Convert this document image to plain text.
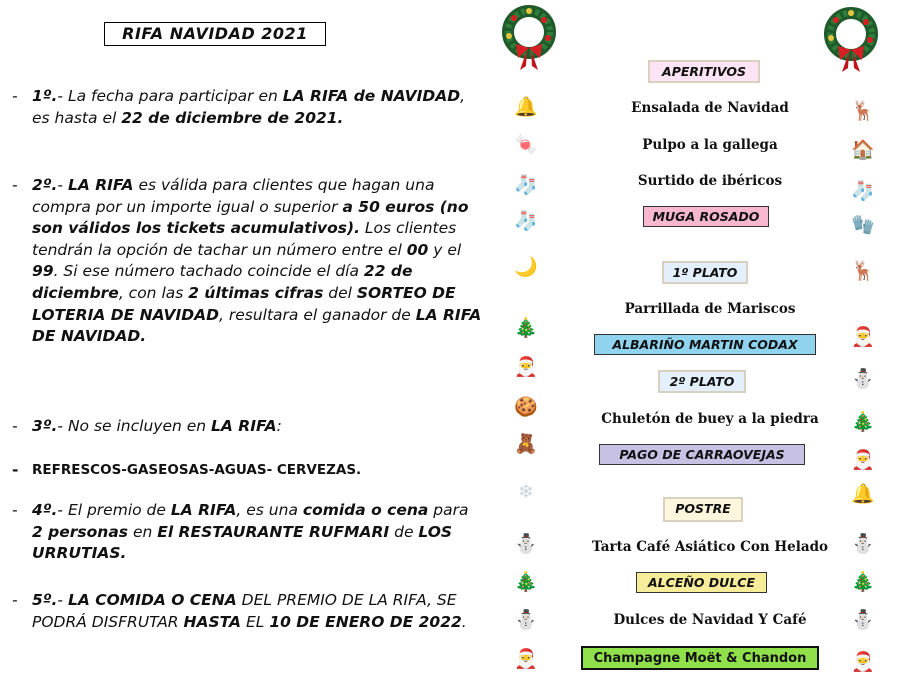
RIFA NAVIDAD 2021
- 1º.- La fecha para participar en LA RIFA de NAVIDAD, es hasta el 22 de diciembre de 2021.
- 2º.- LA RIFA es válida para clientes que hagan una compra por un importe igual o superior a 50 euros (no son válidos los tickets acumulativos). Los clientes tendrán la opción de tachar un número entre el 00 y el 99. Si ese número tachado coincide el día 22 de diciembre, con las 2 últimas cifras del SORTEO DE LOTERIA DE NAVIDAD, resultara el ganador de LA RIFA DE NAVIDAD.
- 3º.- No se incluyen en LA RIFA:
- REFRESCOS-GASEOSAS-AGUAS- CERVEZAS.
- 4º.- El premio de LA RIFA, es una comida o cena para 2 personas en El RESTAURANTE RUFMARI de LOS URRUTIAS.
- 5º.- LA COMIDA O CENA DEL PREMIO DE LA RIFA, SE PODRÁ DISFRUTAR HASTA EL 10 DE ENERO DE 2022.
APERITIVOS
Ensalada de Navidad
Pulpo a la gallega
Surtido de ibéricos
MUGA ROSADO
1º PLATO
Parrillada de Mariscos
ALBARIÑO MARTIN CODAX
2º PLATO
Chuletón de buey a la piedra
PAGO DE CARRAOVEJAS
POSTRE
Tarta Café Asiático Con Helado
ALCEÑO DULCE
Dulces de Navidad Y Café
Champagne Moët & Chandon
🔔
🍬
🧦
🧦
🌙
🎄
🎅
🍪
🧸
❄
⛄
🎄
⛄
🎅
🦌
🏠
🧦
🧤
🦌
🎅
⛄
🎄
🎅
🔔
⛄
🎄
⛄
🎅
